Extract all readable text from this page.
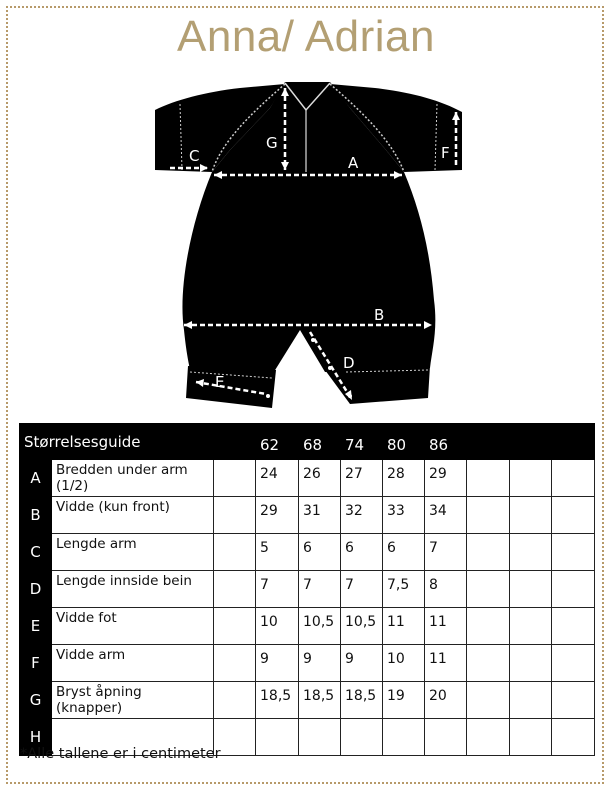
Anna/ Adrian
A
B
C
D
E
F
G
Størrelsesguide			62	68	74	80	86			
A	Bredden under arm (1/2)		24	26	27	28	29			
B	Vidde (kun front)		29	31	32	33	34			
C	Lengde arm		5	6	6	6	7			
D	Lengde innside bein		7	7	7	7,5	8			
E	Vidde fot		10	10,5	10,5	11	11			
F	Vidde arm		9	9	9	10	11			
G	Bryst åpning (knapper)		18,5	18,5	18,5	19	20			
H										
*Alle tallene er i centimeter
